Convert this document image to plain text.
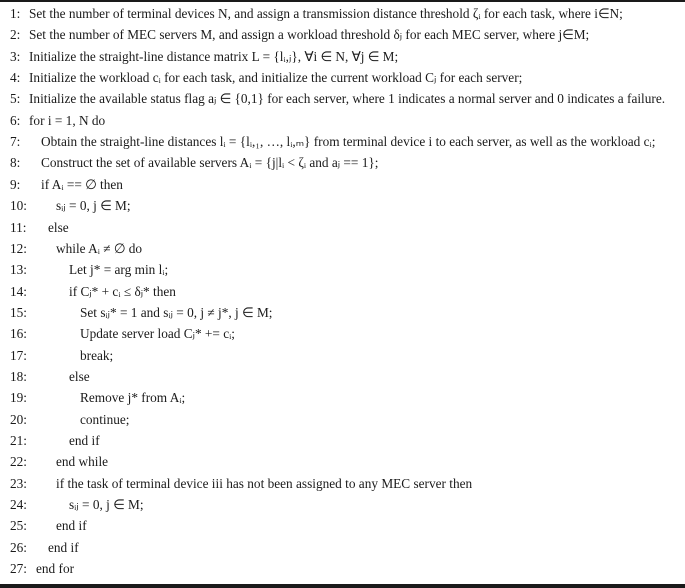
1: Set the number of terminal devices N, and assign a transmission distance threshold ζᵢ for each task, where i∈N;
2: Set the number of MEC servers M, and assign a workload threshold δⱼ for each MEC server, where j∈M;
3: Initialize the straight-line distance matrix L = {lᵢ,ⱼ}, ∀i ∈ N, ∀j ∈ M;
4: Initialize the workload cᵢ for each task, and initialize the current workload Cⱼ for each server;
5: Initialize the available status flag aⱼ ∈ {0,1} for each server, where 1 indicates a normal server and 0 indicates a failure.
6: for i = 1, N do
7: Obtain the straight-line distances lᵢ = {lᵢ,₁, …, lᵢ,ₘ} from terminal device i to each server, as well as the workload cᵢ;
8: Construct the set of available servers Aᵢ = {j|lᵢ < ζᵢ and aⱼ == 1};
9: if Aᵢ == ∅ then
10: sᵢⱼ = 0, j ∈ M;
11: else
12: while Aᵢ ≠ ∅ do
13:	Let j* = arg min lᵢ;
14:	if Cⱼ* + cᵢ ≤ δⱼ* then
15:	Set sᵢⱼ* = 1 and sᵢⱼ = 0, j ≠ j*, j ∈ M;
16:	Update server load Cⱼ* += cᵢ;
17:	break;
18:	else
19:	Remove j* from Aᵢ;
20:	continue;
21:	end if
22: end while
23: if the task of terminal device iii has not been assigned to any MEC server then
24:	sᵢⱼ = 0, j ∈ M;
25: end if
26: end if
27: end for
